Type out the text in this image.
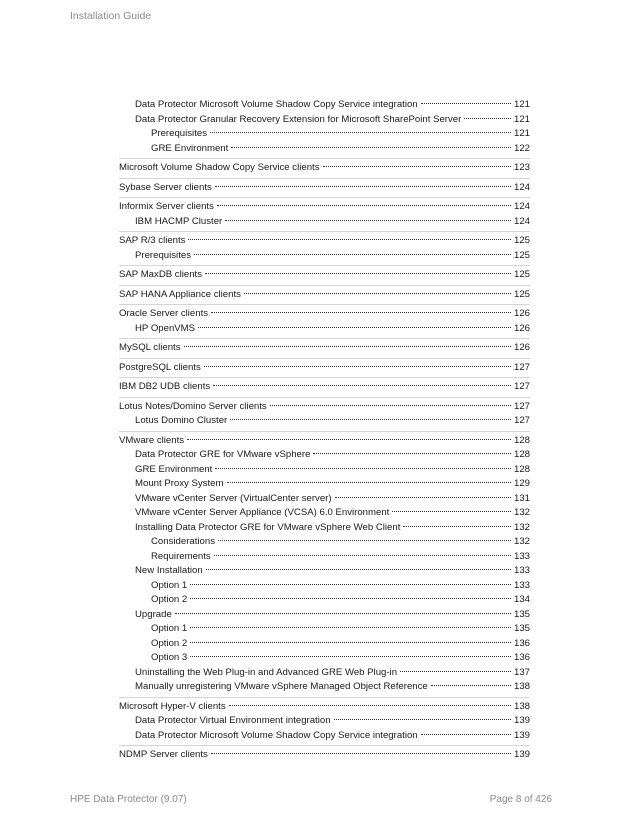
Installation Guide
Data Protector Microsoft Volume Shadow Copy Service integration	121
Data Protector Granular Recovery Extension for Microsoft SharePoint Server	121
Prerequisites	121
GRE Environment	122
Microsoft Volume Shadow Copy Service clients	123
Sybase Server clients	124
Informix Server clients	124
IBM HACMP Cluster	124
SAP R/3 clients	125
Prerequisites	125
SAP MaxDB clients	125
SAP HANA Appliance clients	125
Oracle Server clients	126
HP OpenVMS	126
MySQL clients	126
PostgreSQL clients	127
IBM DB2 UDB clients	127
Lotus Notes/Domino Server clients	127
Lotus Domino Cluster	127
VMware clients	128
Data Protector GRE for VMware vSphere	128
GRE Environment	128
Mount Proxy System	129
VMware vCenter Server (VirtualCenter server)	131
VMware vCenter Server Appliance (VCSA) 6.0 Environment	132
Installing Data Protector GRE for VMware vSphere Web Client	132
Considerations	132
Requirements	133
New Installation	133
Option 1	133
Option 2	134
Upgrade	135
Option 1	135
Option 2	136
Option 3	136
Uninstalling the Web Plug-in and Advanced GRE Web Plug-in	137
Manually unregistering VMware vSphere Managed Object Reference	138
Microsoft Hyper-V clients	138
Data Protector Virtual Environment integration	139
Data Protector Microsoft Volume Shadow Copy Service integration	139
NDMP Server clients	139
HPE Data Protector (9.07)	Page 8 of 426
